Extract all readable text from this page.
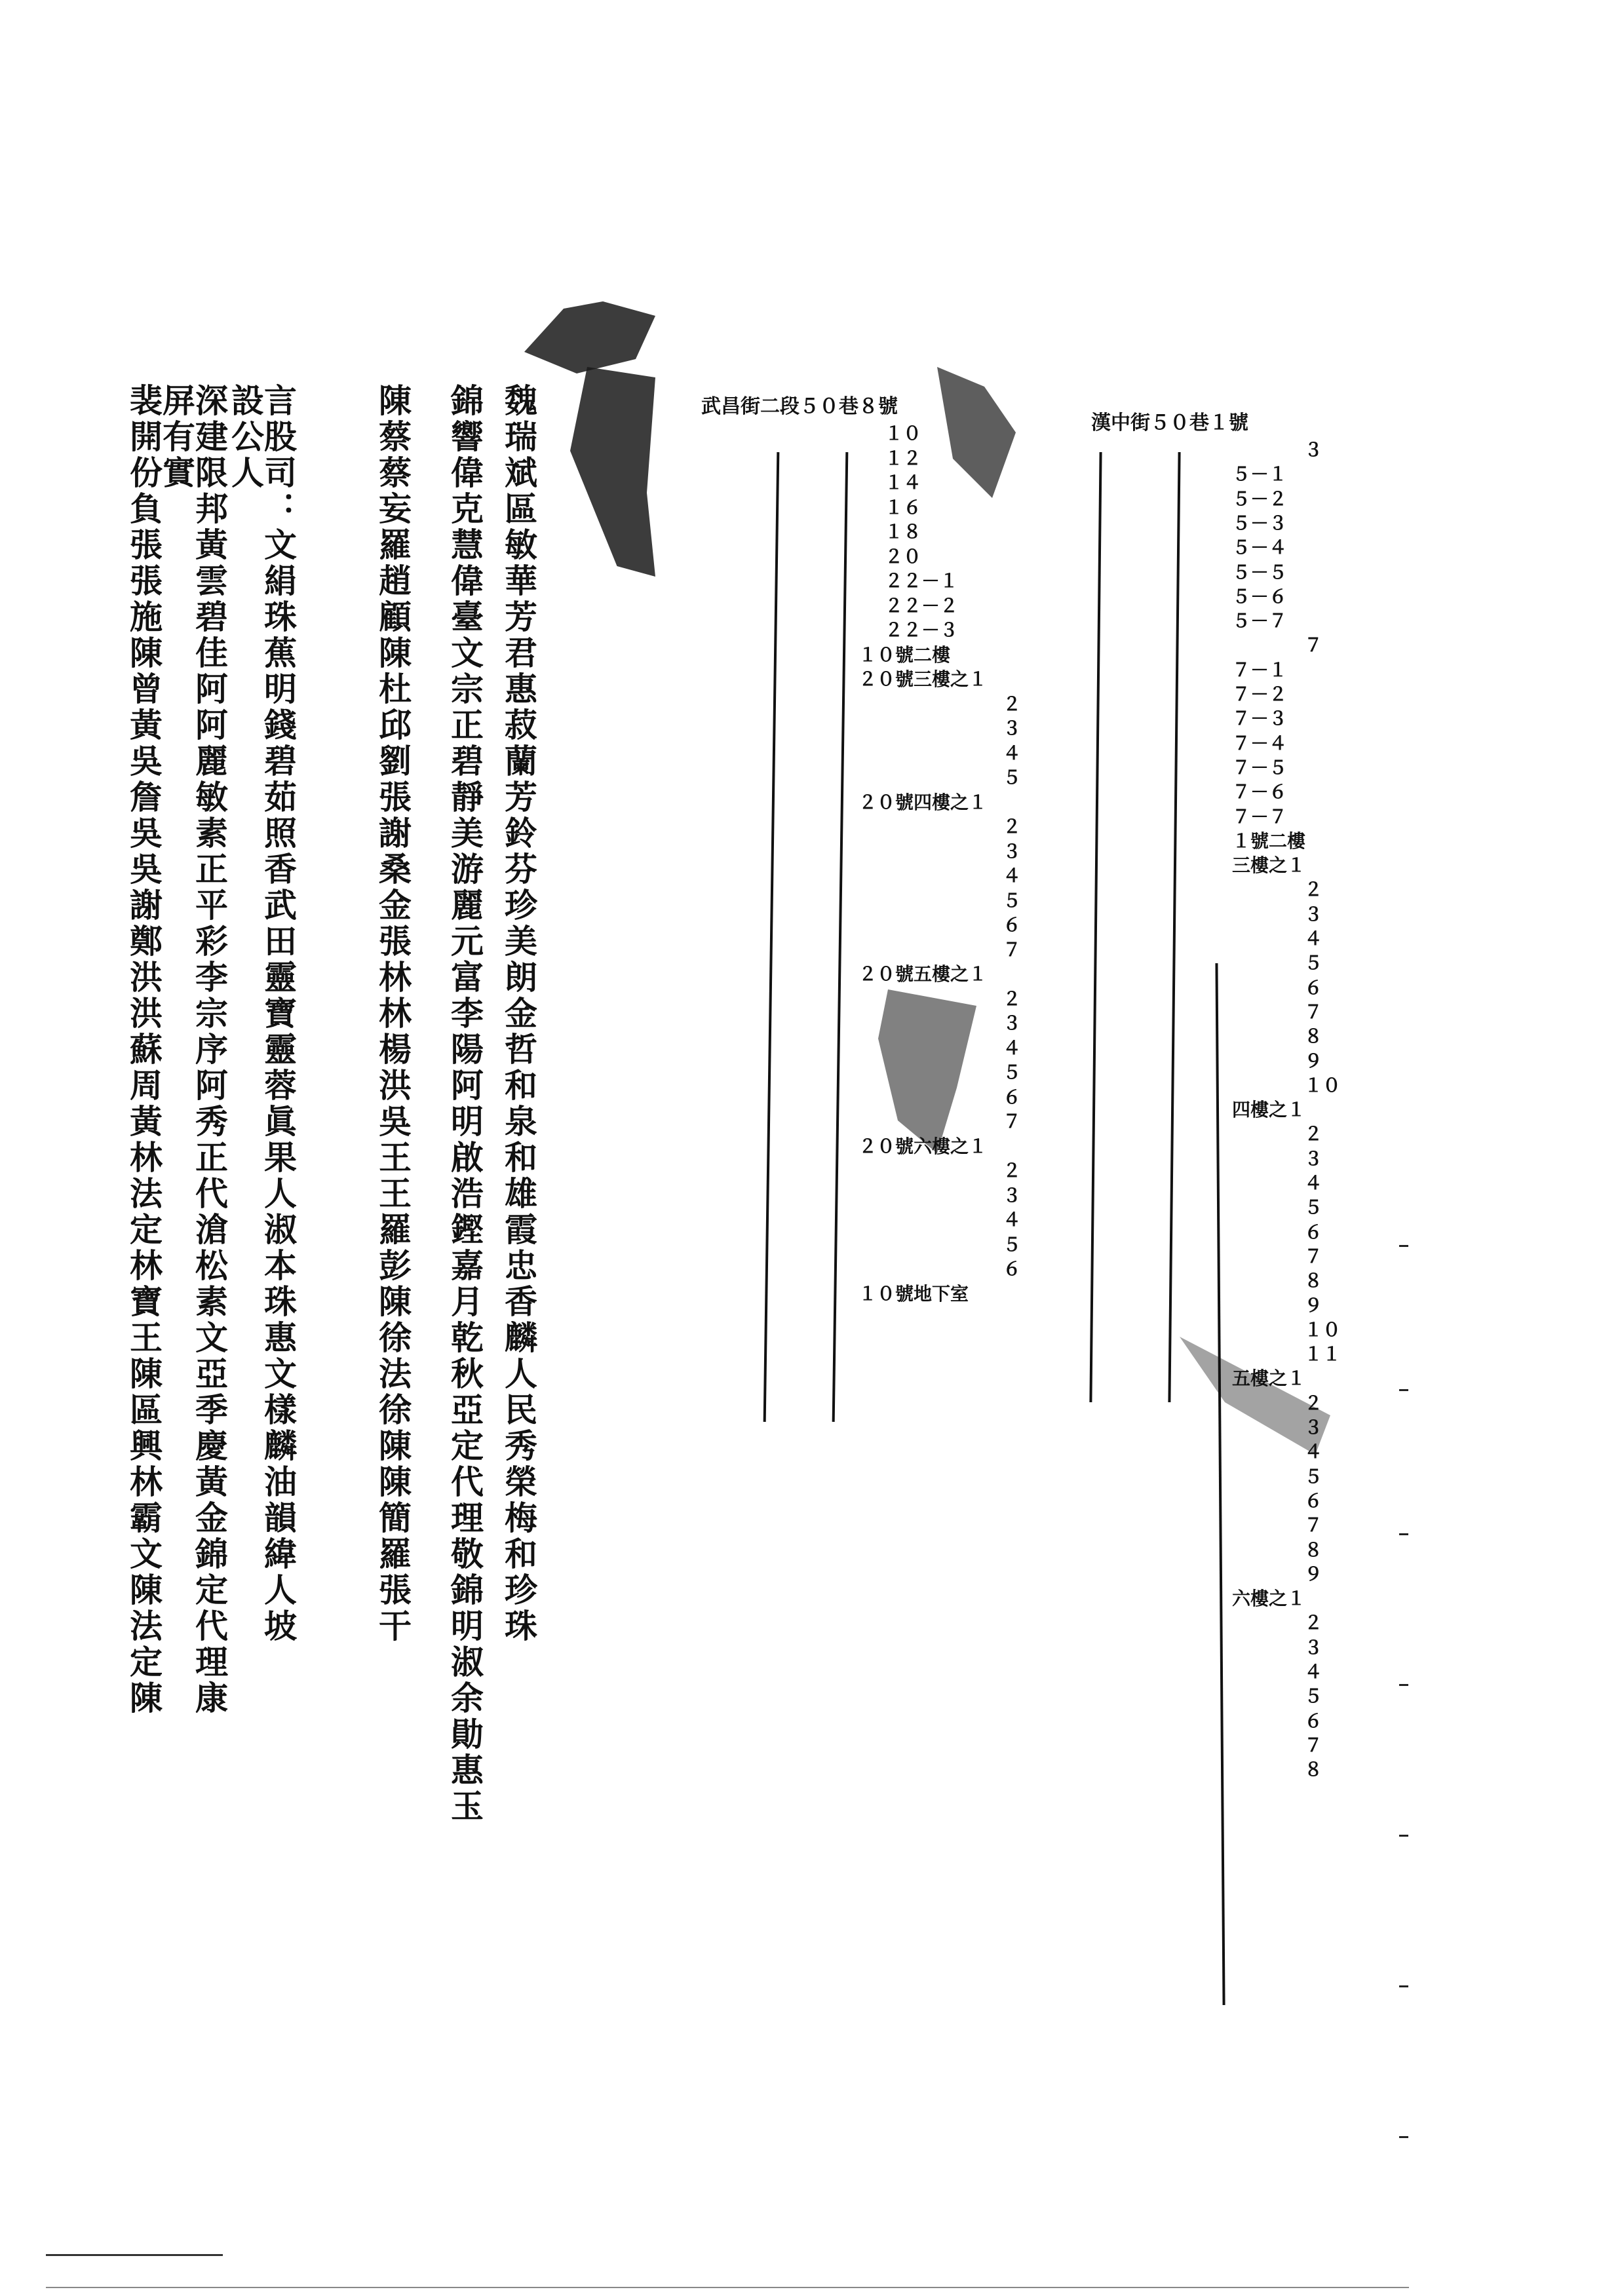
魏瑞斌區敏華芳君惠菽蘭芳鈴芬珍美朗金哲和泉和雄霞忠香麟人民秀榮梅和珍珠
錦響偉克慧偉臺文宗正碧靜美游麗元富李陽阿明啟浩鏗嘉月乾秋亞定代理敬錦明淑余勛惠玉
陳蔡蔡妄羅趙顧陳杜邱劉張謝桑金張林林楊洪吳王王羅彭陳徐法徐陳陳簡羅張干
言股司：文絹珠蕉明錢碧茹照香武田靈寶靈蓉眞果人淑本珠惠文樣麟油韻緯人坡
設公人
深建限邦黃雲碧佳阿阿麗敏素正平彩李宗序阿秀正代滄松素文亞季慶黃金錦定代理康
屏有實
裴開份負張張施陳曾黃吳詹吳吳謝鄭洪洪蘇周黃林法定林寶王陳區興林霸文陳法定陳	武昌街二段５０巷８號
漢中街５０巷１號
１０
１２
１４
１６
１８
２０
２２－１
２２－２
２２－３
１０號二樓
２０號三樓之１
２
３
４
５
２０號四樓之１
２
３
４
５
６
７
２０號五樓之１
２
３
４
５
６
７
２０號六樓之１
２
３
４
５
６
１０號地下室
３
５－１
５－２
５－３
５－４
５－５
５－６
５－７
７
７－１
７－２
７－３
７－４
７－５
７－６
７－７
１號二樓
三樓之１
２
３
４
５
６
７
８
９
１０
四樓之１
２
３
４
５
６
７
８
９
１０
１１
五樓之１
２
３
４
５
６
７
８
９
六樓之１
２
３
４
５
６
７
８
